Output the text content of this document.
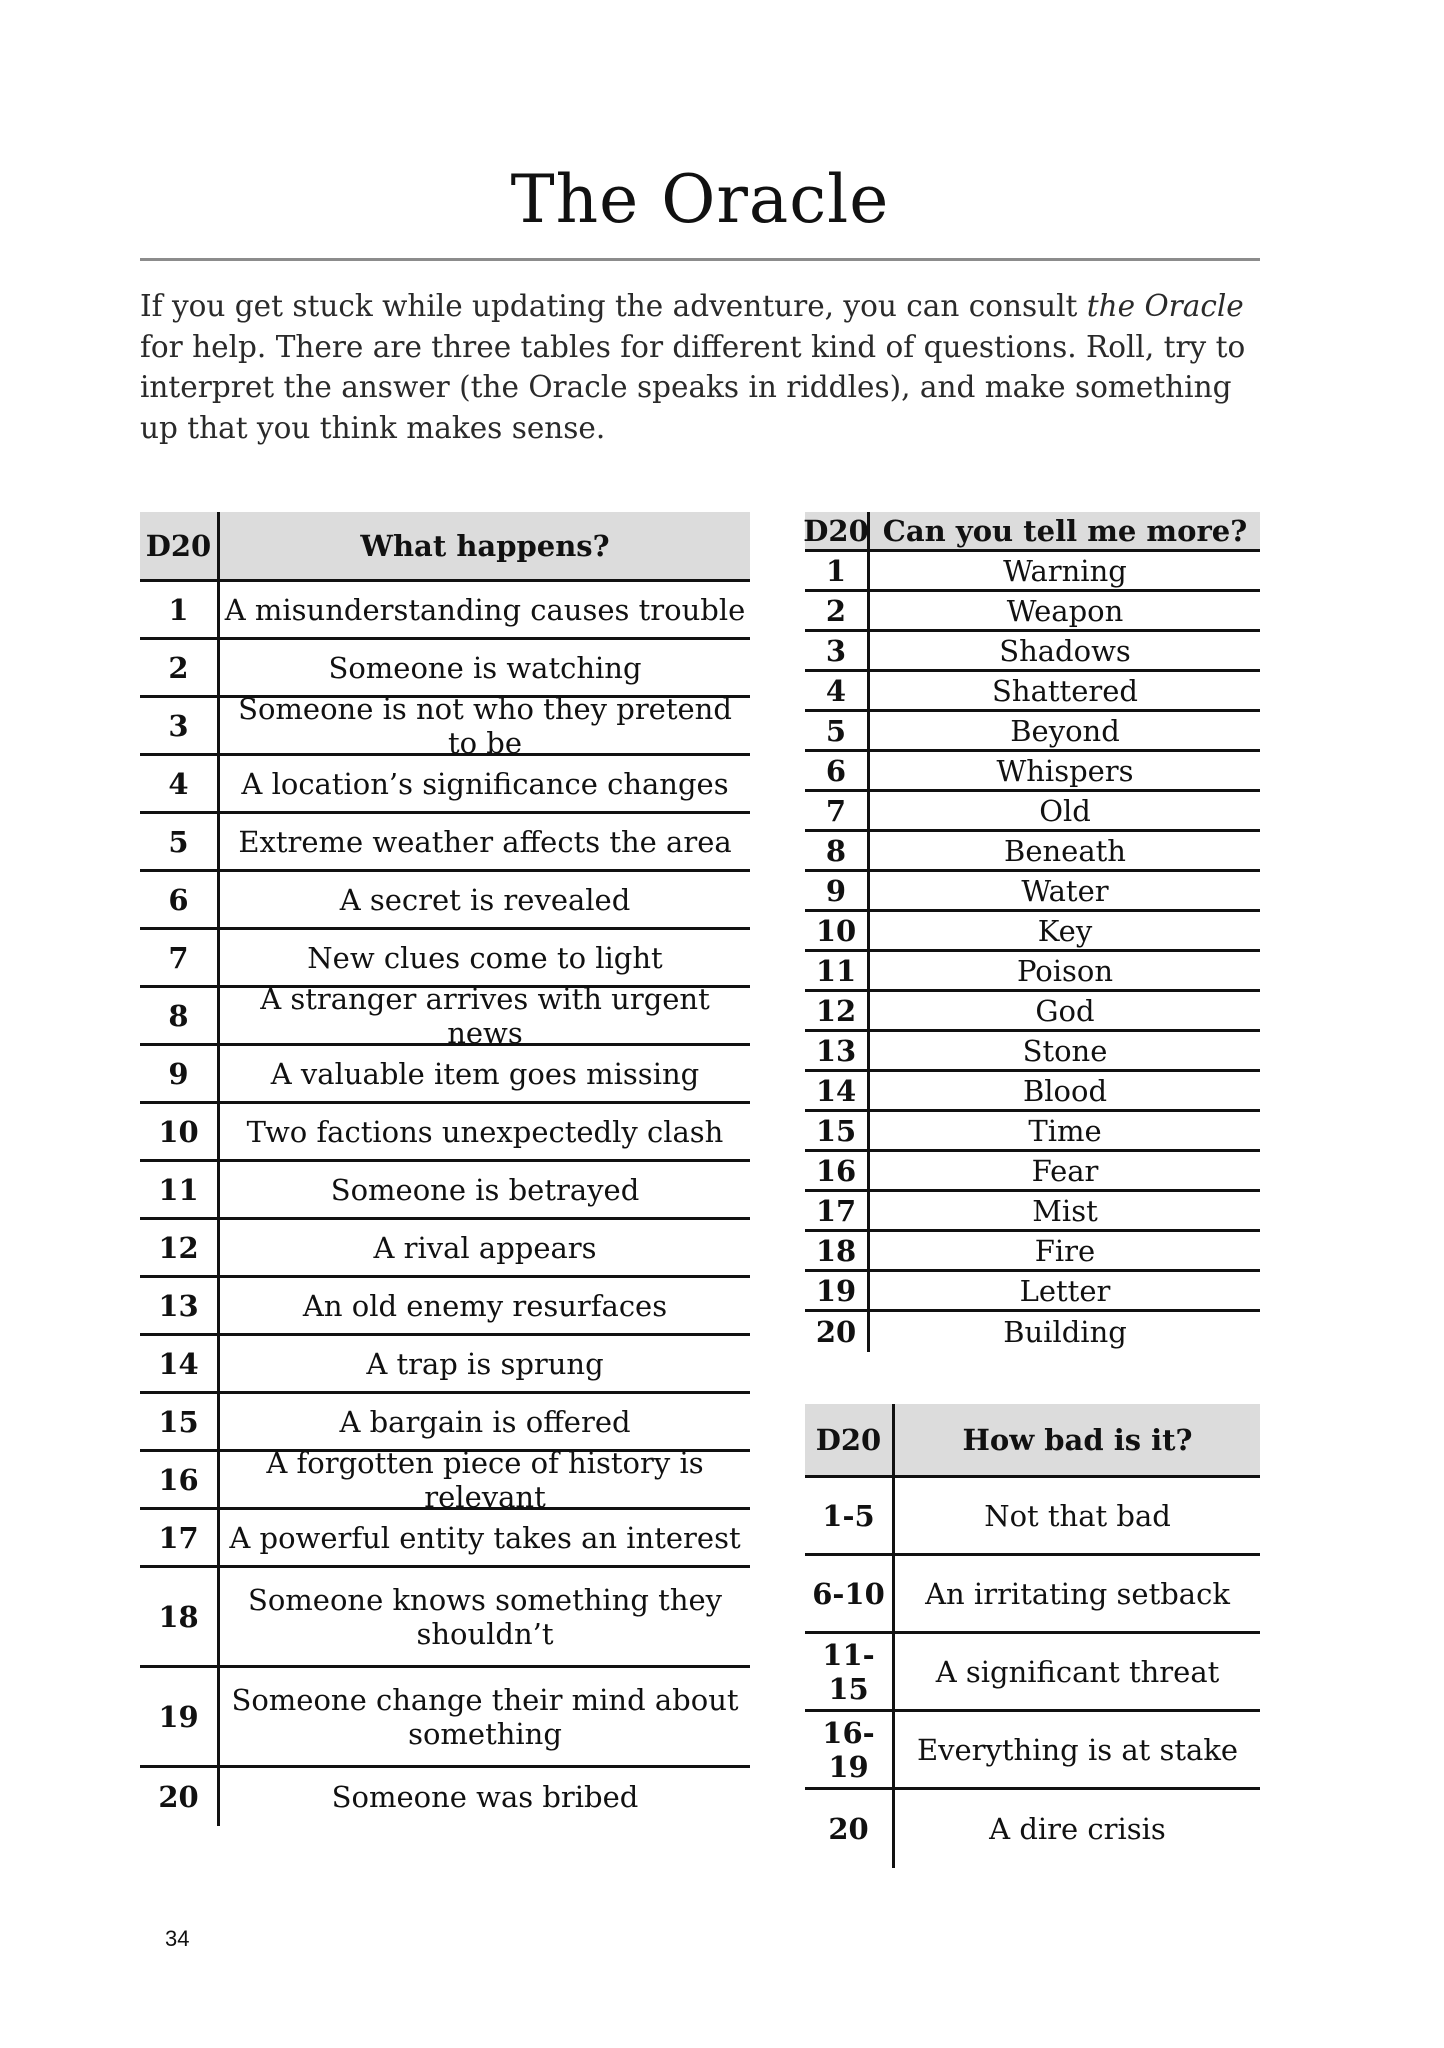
The Oracle

If you get stuck while updating the adventure, you can consult the Oracle for help. There are three tables for different kind of questions. Roll, try to interpret the answer (the Oracle speaks in riddles), and make something up that you think makes sense.

D20	What happens?
1	A misunderstanding causes trouble
2	Someone is watching
3	Someone is not who they pretend to be
4	A location’s significance changes
5	Extreme weather affects the area
6	A secret is revealed
7	New clues come to light
8	A stranger arrives with urgent news
9	A valuable item goes missing
10	Two factions unexpectedly clash
11	Someone is betrayed
12	A rival appears
13	An old enemy resurfaces
14	A trap is sprung
15	A bargain is offered
16	A forgotten piece of history is relevant
17	A powerful entity takes an interest
18	Someone knows something they shouldn’t
19	Someone change their mind about something
20	Someone was bribed
D20 Can you tell me more?
1	Warning
2	Weapon
3	Shadows
4	Shattered
5	Beyond
6	Whispers
7	Old
8	Beneath
9	Water
10	Key
11	Poison
12	God
13	Stone
14	Blood
15	Time
16	Fear
17	Mist
18	Fire
19	Letter
20	Building
D20	How bad is it?
1-5	Not that bad
6-10	An irritating setback
11-15	A significant threat
16-19	Everything is at stake
20	A dire crisis
34
